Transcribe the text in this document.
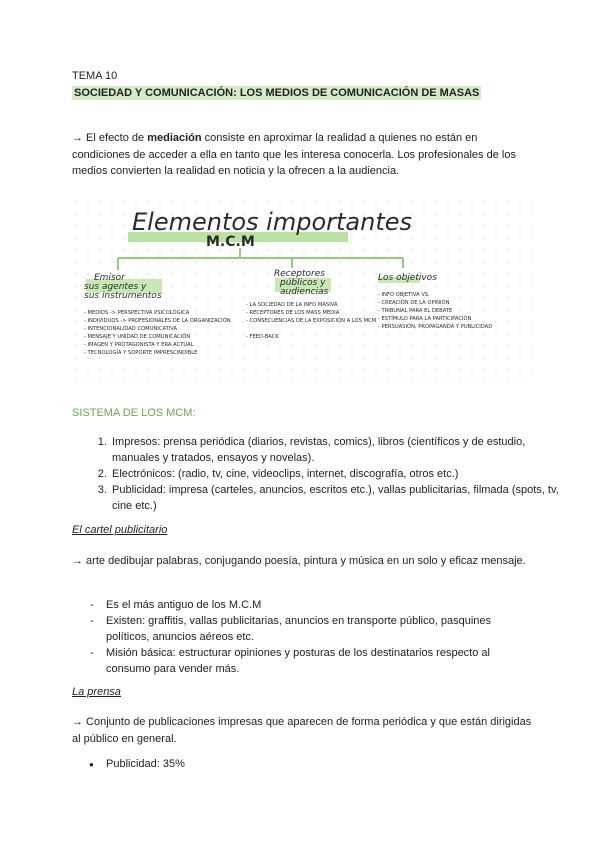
TEMA 10
SOCIEDAD Y COMUNICACIÓN: LOS MEDIOS DE COMUNICACIÓN DE MASAS
→ El efecto de mediación consiste en aproximar la realidad a quienes no están en condiciones de acceder a ella en tanto que les interesa conocerla. Los profesionales de los medios convierten la realidad en noticia y la ofrecen a la audiencia.
Elementos importantes
M.C.M
Emisor sus agentes y sus instrumentos
- MEDIOS -> PERSPECTIVA PSICOLÓGICA
- INDIVIDUOS -> PROFESIONALES DE LA ORGANIZACIÓN
- INTENCIONALIDAD COMUNICATIVA
- MENSAJE Y UNIDAD DE COMUNICACIÓN
- IMAGEN Y PROTAGONISTA Y ERA ACTUAL
- TECNOLOGÍA Y SOPORTE IMPRESCINDIBLE
Receptores públicos y audiencias
- LA SOCIEDAD DE LA INFO MASIVA
- RECEPTORES DE LOS MASS MEDIA
- CONSECUENCIAS DE LA EXPOSICIÓN A LOS MCM
- FEED-BACK
Los objetivos
- INFO OBJETIVA VS.
- CREACIÓN DE LA OPINIÓN
- TRIBUNAL PARA EL DEBATE
- ESTÍMULO PARA LA PARTICIPACIÓN
- PERSUASIÓN, PROPAGANDA Y PUBLICIDAD
SISTEMA DE LOS MCM:
1. Impresos: prensa periódica (diarios, revistas, comics), libros (científicos y de estudio, manuales y tratados, ensayos y novelas).
2. Electrónicos: (radio, tv, cine, videoclips, internet, discografía, otros etc.)
3. Publicidad: impresa (carteles, anuncios, escritos etc.), vallas publicitarias, filmada (spots, tv, cine etc.)
El cartel publicitario
→ arte dedibujar palabras, conjugando poesía, pintura y música en un solo y eficaz mensaje.
- Es el más antiguo de los M.C.M
- Existen: graffitis, vallas publicitarias, anuncios en transporte público, pasquines políticos, anuncios aéreos etc.
- Misión básica: estructurar opiniones y posturas de los destinatarios respecto al consumo para vender más.
La prensa
→ Conjunto de publicaciones impresas que aparecen de forma periódica y que están dirigidas al público en general.
● Publicidad: 35%
